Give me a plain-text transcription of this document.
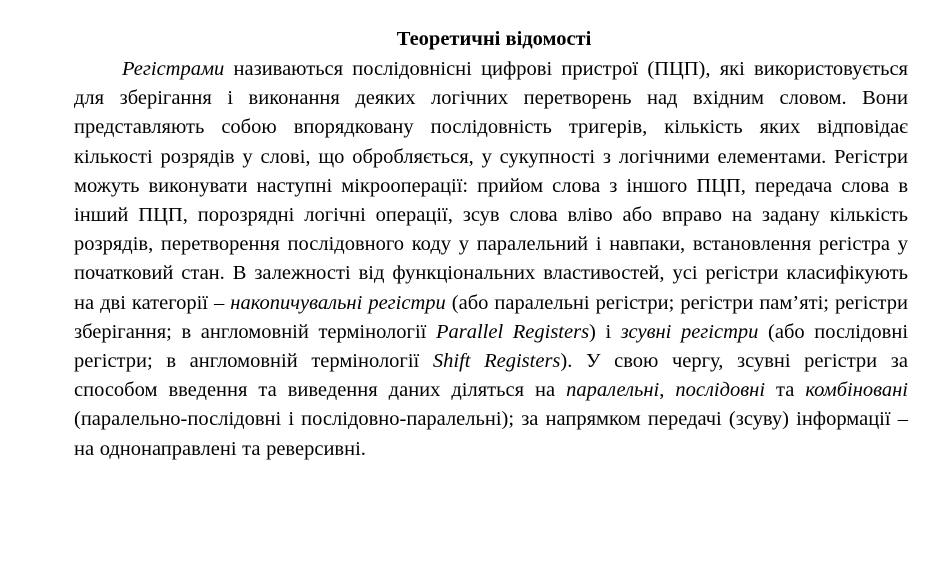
Теоретичні відомості

Регістрами називаються послідовнісні цифрові пристрої (ПЦП), які використовується для зберігання і виконання деяких логічних перетворень над вхідним словом. Вони представляють собою впорядковану послідовність тригерів, кількість яких відповідає кількості розрядів у слові, що обробляється, у сукупності з логічними елементами. Регістри можуть виконувати наступні мікрооперації: прийом слова з іншого ПЦП, передача слова в інший ПЦП, порозрядні логічні операції, зсув слова вліво або вправо на задану кількість розрядів, перетворення послідовного коду у паралельний і навпаки, встановлення регістра у початковий стан. В залежності від функціональних властивостей, усі регістри класифікують на дві категорії – накопичувальні регістри (або паралельні регістри; регістри пам’яті; регістри зберігання; в англомовній термінології Parallel Registers) і зсувні регістри (або послідовні регістри; в англомовній термінології Shift Registers). У свою чергу, зсувні регістри за способом введення та виведення даних діляться на паралельні, послідовні та комбіновані (паралельно-послідовні і послідовно-паралельні); за напрямком передачі (зсуву) інформації – на однонаправлені та реверсивні.
